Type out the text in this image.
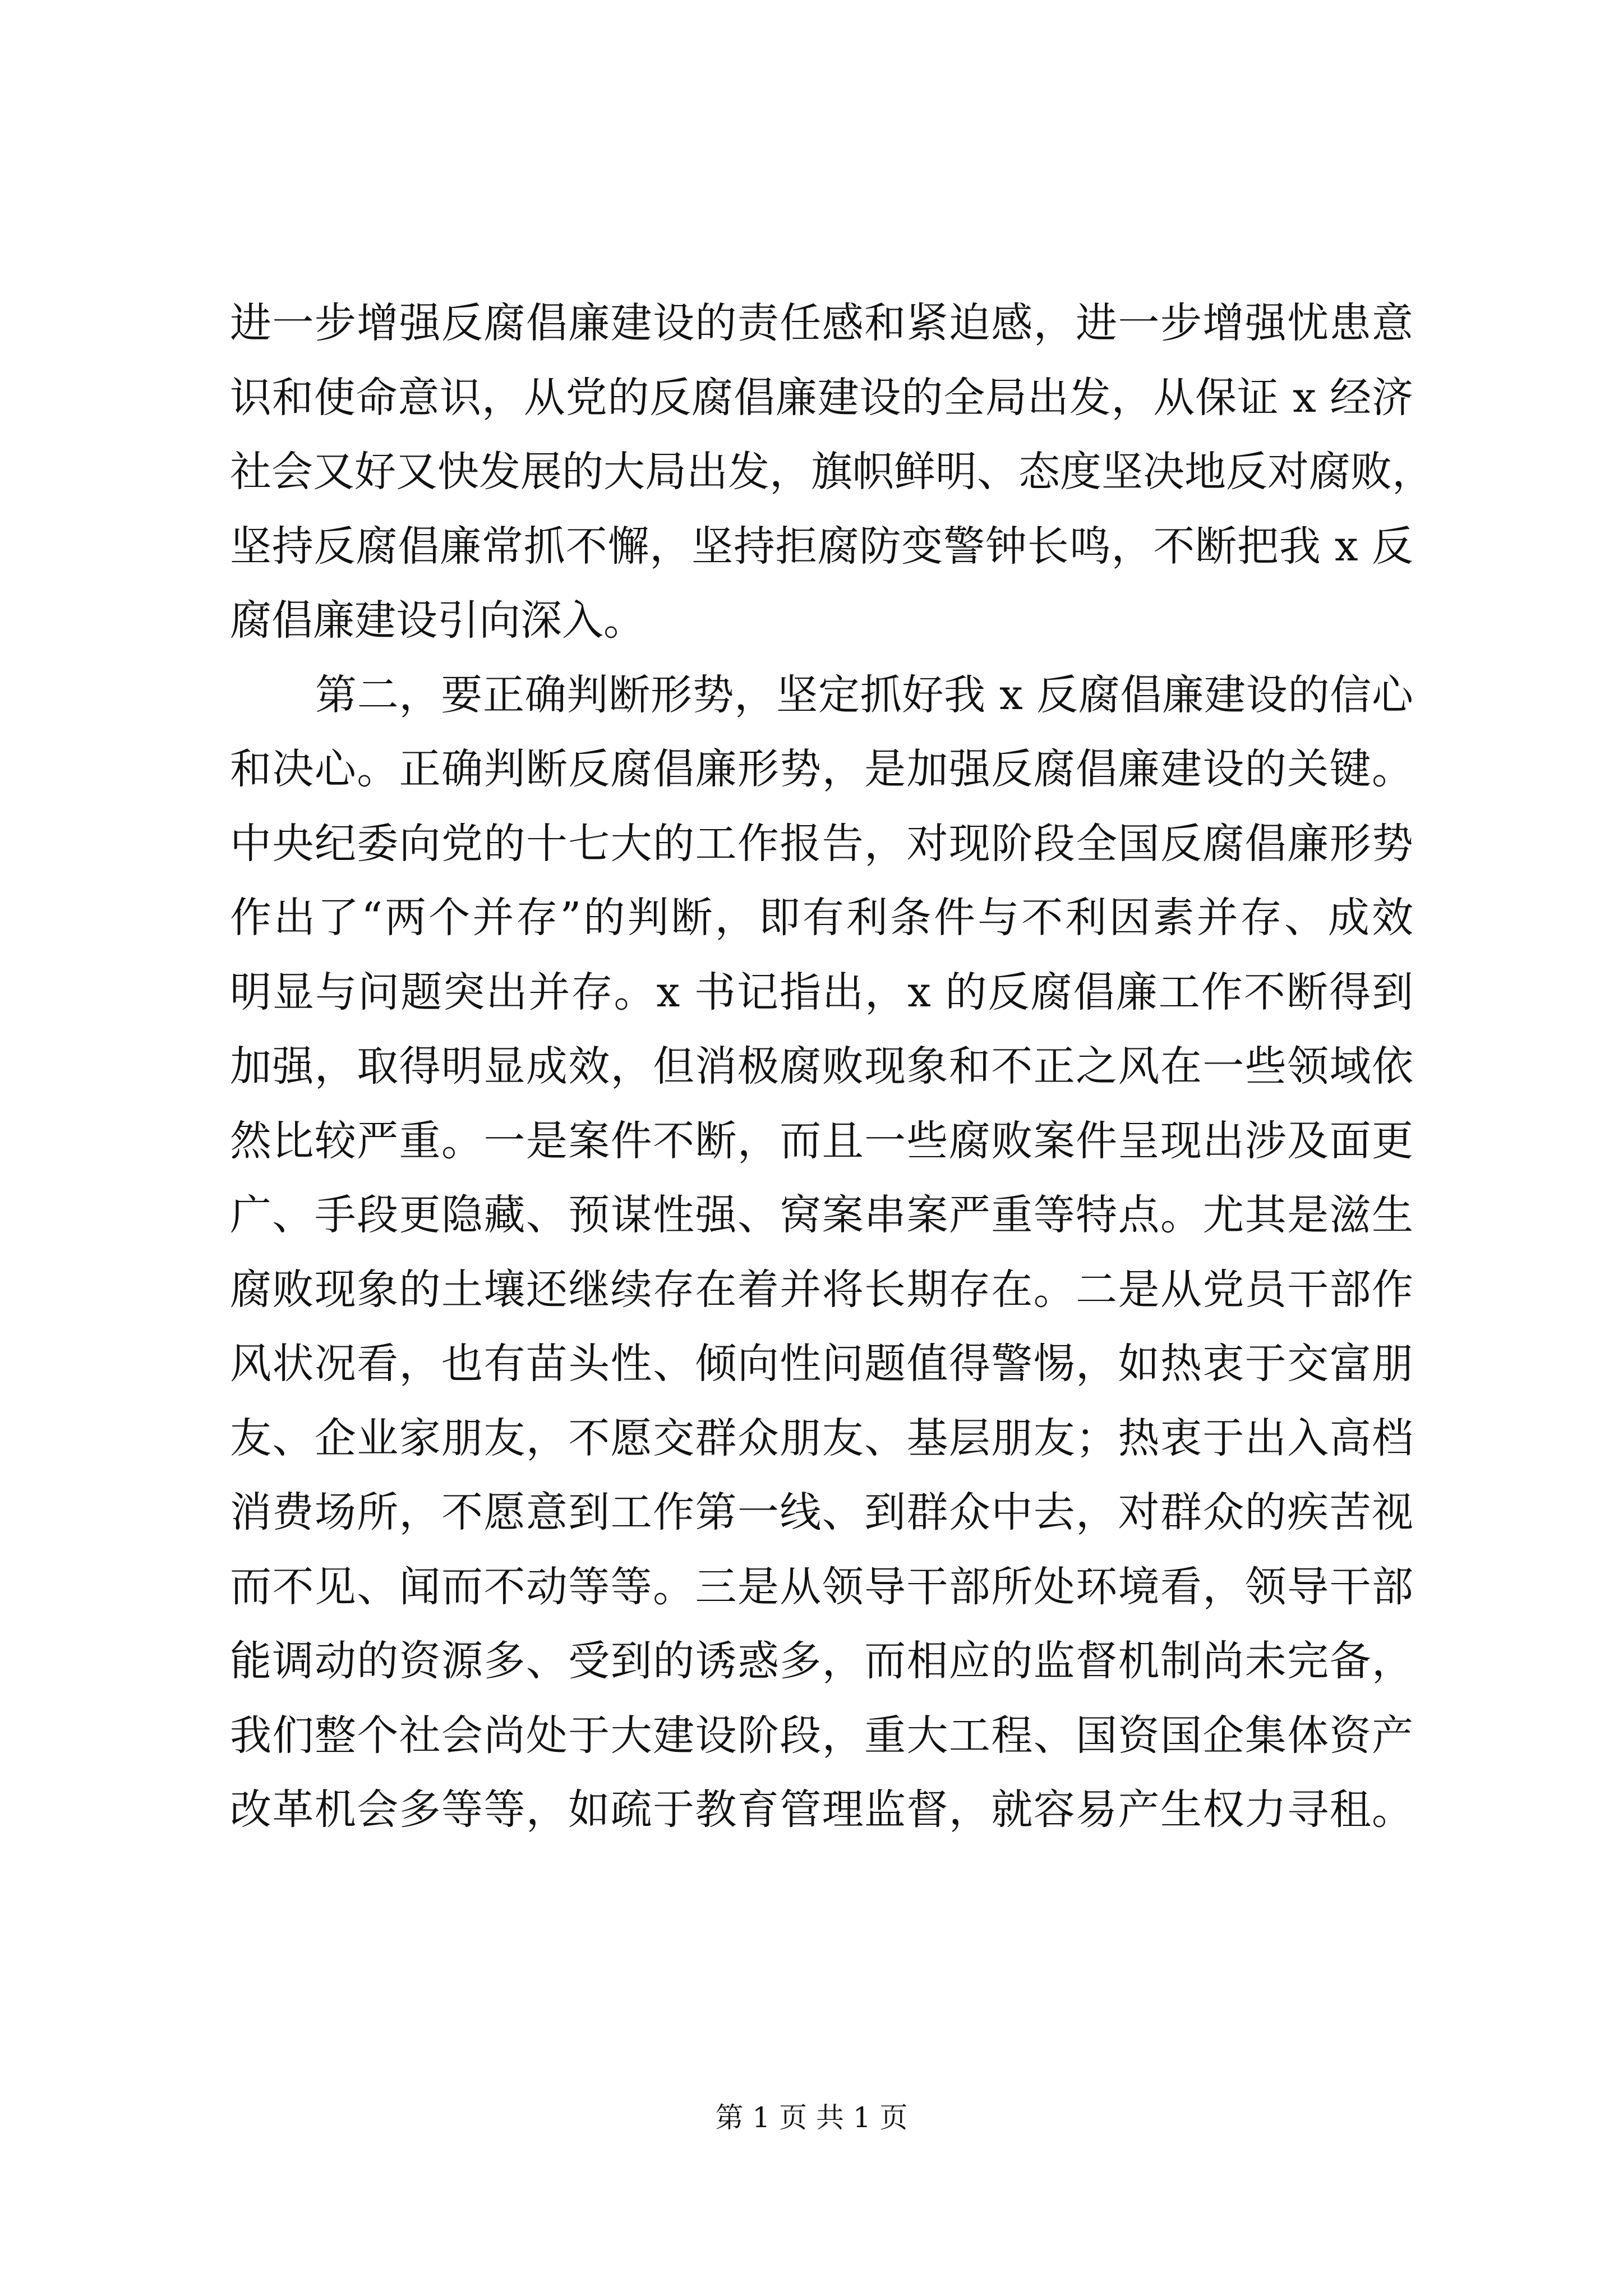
进一步增强反腐倡廉建设的责任感和紧迫感，进一步增强忧患意
识和使命意识，从党的反腐倡廉建设的全局出发，从保证 x 经济
社会又好又快发展的大局出发，旗帜鲜明、态度坚决地反对腐败，
坚持反腐倡廉常抓不懈，坚持拒腐防变警钟长鸣，不断把我 x 反
腐倡廉建设引向深入。
第二，要正确判断形势，坚定抓好我 x 反腐倡廉建设的信心
和决心。正确判断反腐倡廉形势，是加强反腐倡廉建设的关键。
中央纪委向党的十七大的工作报告，对现阶段全国反腐倡廉形势
作出了“两个并存”的判断，即有利条件与不利因素并存、成效
明显与问题突出并存。x 书记指出，x 的反腐倡廉工作不断得到
加强，取得明显成效，但消极腐败现象和不正之风在一些领域依
然比较严重。一是案件不断，而且一些腐败案件呈现出涉及面更
广、手段更隐藏、预谋性强、窝案串案严重等特点。尤其是滋生
腐败现象的土壤还继续存在着并将长期存在。二是从党员干部作
风状况看，也有苗头性、倾向性问题值得警惕，如热衷于交富朋
友、企业家朋友，不愿交群众朋友、基层朋友；热衷于出入高档
消费场所，不愿意到工作第一线、到群众中去，对群众的疾苦视
而不见、闻而不动等等。三是从领导干部所处环境看，领导干部
能调动的资源多、受到的诱惑多，而相应的监督机制尚未完备，
我们整个社会尚处于大建设阶段，重大工程、国资国企集体资产
改革机会多等等，如疏于教育管理监督，就容易产生权力寻租。
第 1 页 共 1 页
